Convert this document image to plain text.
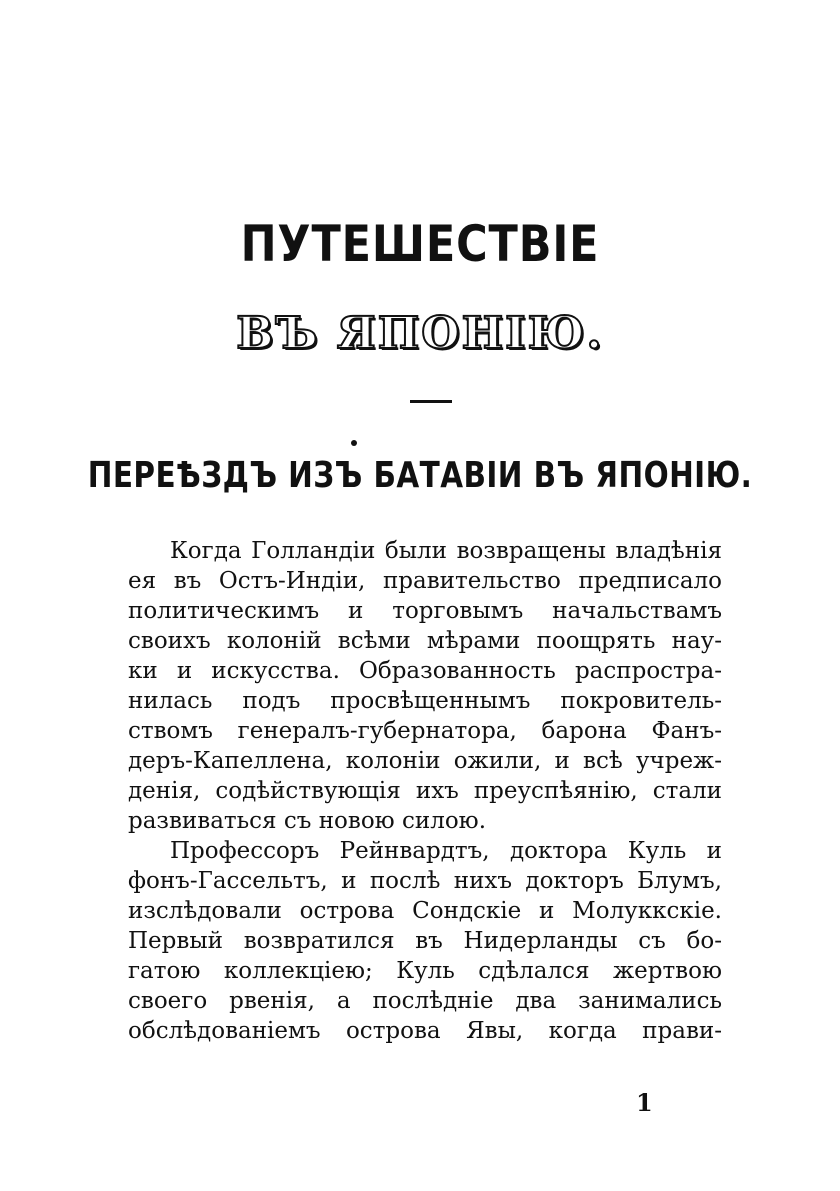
ПУТЕШЕСТВІЕ
ВЪ ЯПОНІЮ.
ПЕРЕѢЗДЪ ИЗЪ БАТАВІИ ВЪ ЯПОНІЮ.
Когда Голландіи были возвращены владѣнія
ея въ Остъ-Индіи, правительство предписало
политическимъ и торговымъ начальствамъ
своихъ колоній всѣми мѣрами поощрять нау-
ки и искусства. Образованность распростра-
нилась подъ просвѣщеннымъ покровитель-
ствомъ генералъ-губернатора, барона Фанъ-
деръ-Капеллена, колоніи ожили, и всѣ учреж-
денія, содѣйствующія ихъ преуспѣянію, стали
развиваться съ новою силою.
Профессоръ Рейнвардтъ, доктора Куль и
фонъ-Гассельтъ, и послѣ нихъ докторъ Блумъ,
изслѣдовали острова Сондскіе и Молуккскіе.
Первый возвратился въ Нидерланды съ бо-
гатою коллекціею; Куль сдѣлался жертвою
своего рвенія, а послѣдніе два занимались
обслѣдованіемъ острова Явы, когда прави-
1
